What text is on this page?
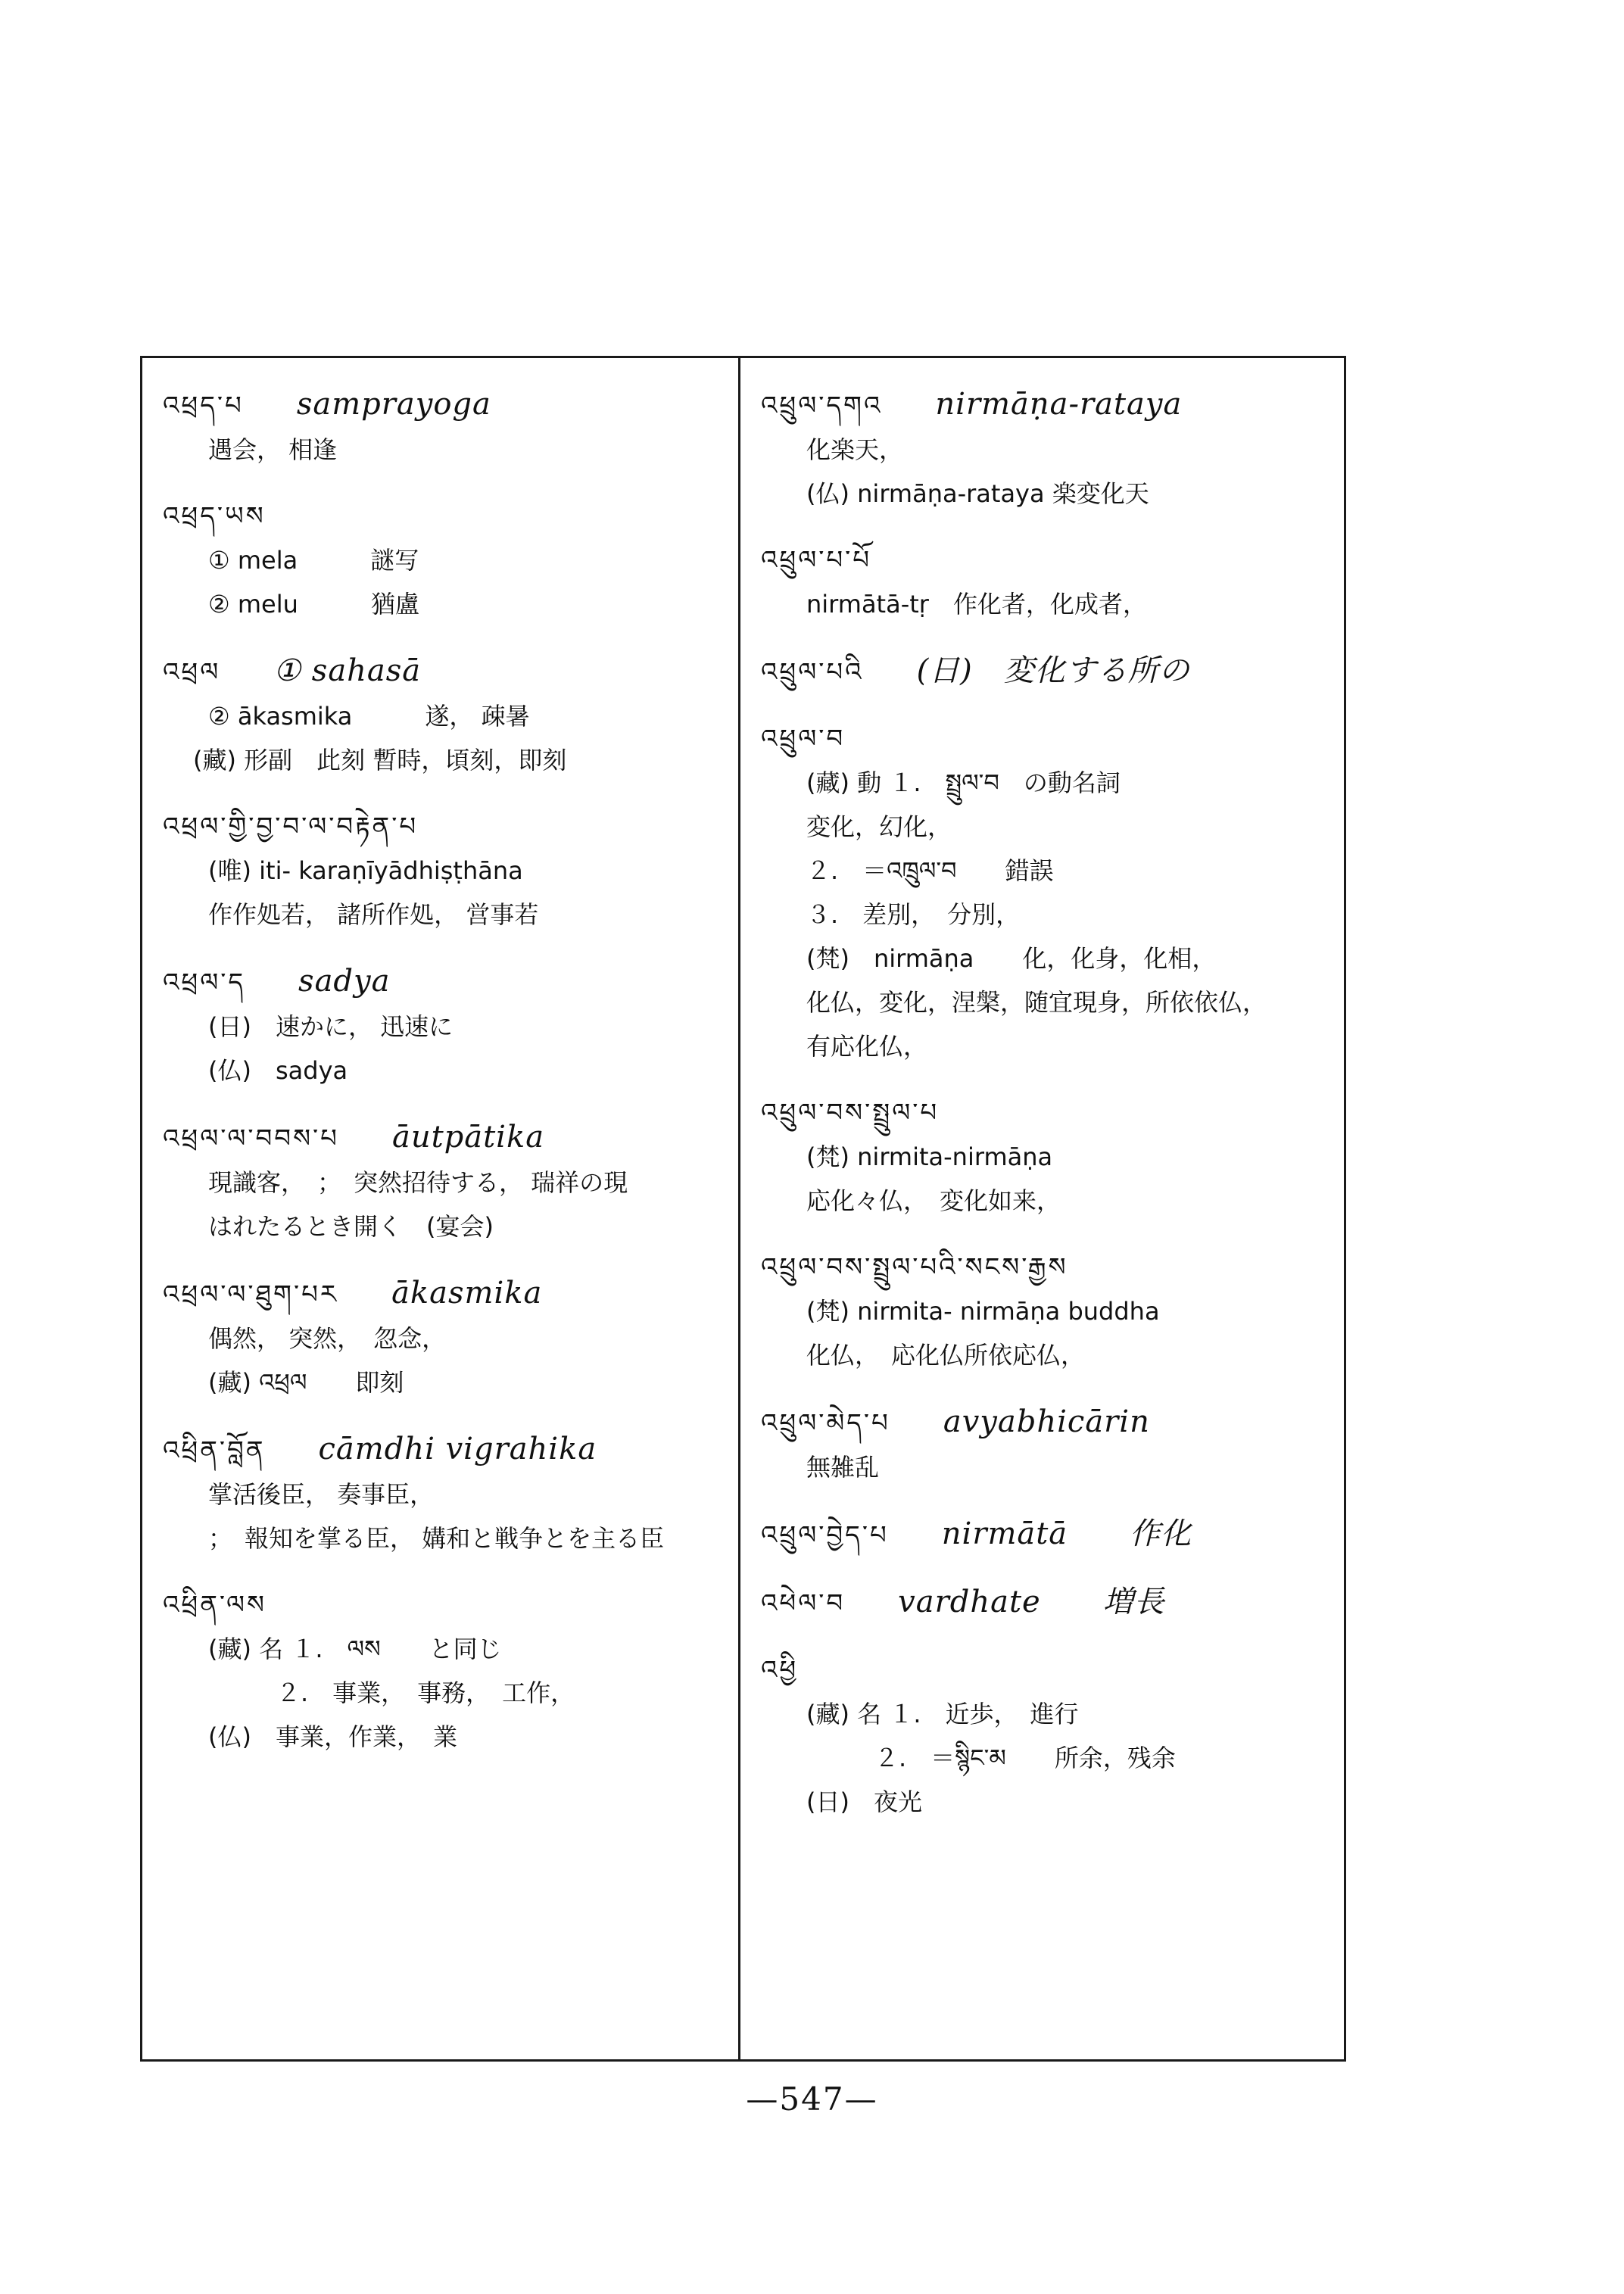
འཕྲད་པ samprayoga
遇会， 相逢
འཕྲད་ཡས
① mela　　　謎写
② melu　　　猶盧
འཕྲལ ① sahasā
② ākasmika　　　遂， 疎暑
(藏) 形副　此刻 暫時，頃刻，即刻
འཕྲལ་གྱི་བྱ་བ་ལ་བརྟེན་པ
(唯) iti- karaṇīyādhiṣṭhāna
作作処若， 諸所作処， 営事若
འཕྲལ་ད sadya
(日)　速かに， 迅速に
(仏)　sadya
འཕྲལ་ལ་བབས་པ āutpātika
現識客，　；　突然招待する， 瑞祥の現
はれたるとき開く　(宴会)
འཕྲལ་ལ་ཐུག་པར ākasmika
偶然， 突然，　忽念，
(藏) འཕྲལ　　即刻
འཕྲིན་བློན cāmdhi vigrahika
掌活後臣， 奏事臣，
；　報知を掌る臣， 媾和と戦争とを主る臣
འཕྲིན་ལས
(藏) 名 １.　ལས　　と同じ
２.　事業，　事務，　工作，
(仏)　事業，作業，　業
འཕྲུལ་དགའ nirmāṇa-rataya
化楽天，
(仏) nirmāṇa-rataya 楽変化天
འཕྲུལ་པ་པོ
nirmātā-tṛ　作化者，化成者，
འཕྲུལ་པའི (日)　変化する所の
འཕྲུལ་བ
(藏) 動 １.　སྤྲུལ་བ　の動名詞
変化，幻化，
２.　＝འཁྲུལ་བ　　錯誤
３.　差別，　分別，
(梵)　nirmāṇa　　化，化身，化相，
化仏，変化，涅槃，随宜現身，所依依仏，
有応化仏，
འཕྲུལ་བས་སྤྲུལ་པ
(梵) nirmita-nirmāṇa
応化々仏，　変化如来，
འཕྲུལ་བས་སྤྲུལ་པའི་སངས་རྒྱས
(梵) nirmita- nirmāṇa buddha
化仏，　応化仏所依応仏，
འཕྲུལ་མེད་པ avyabhicārin
無雑乱
འཕྲུལ་བྱེད་པ nirmātā　　作化
འཕེལ་བ vardhate　　増長
འཕྱི
(藏) 名 １.　近歩，　進行
２.　＝སྙིང་མ　　所余，残余
(日)　夜光
—547—
